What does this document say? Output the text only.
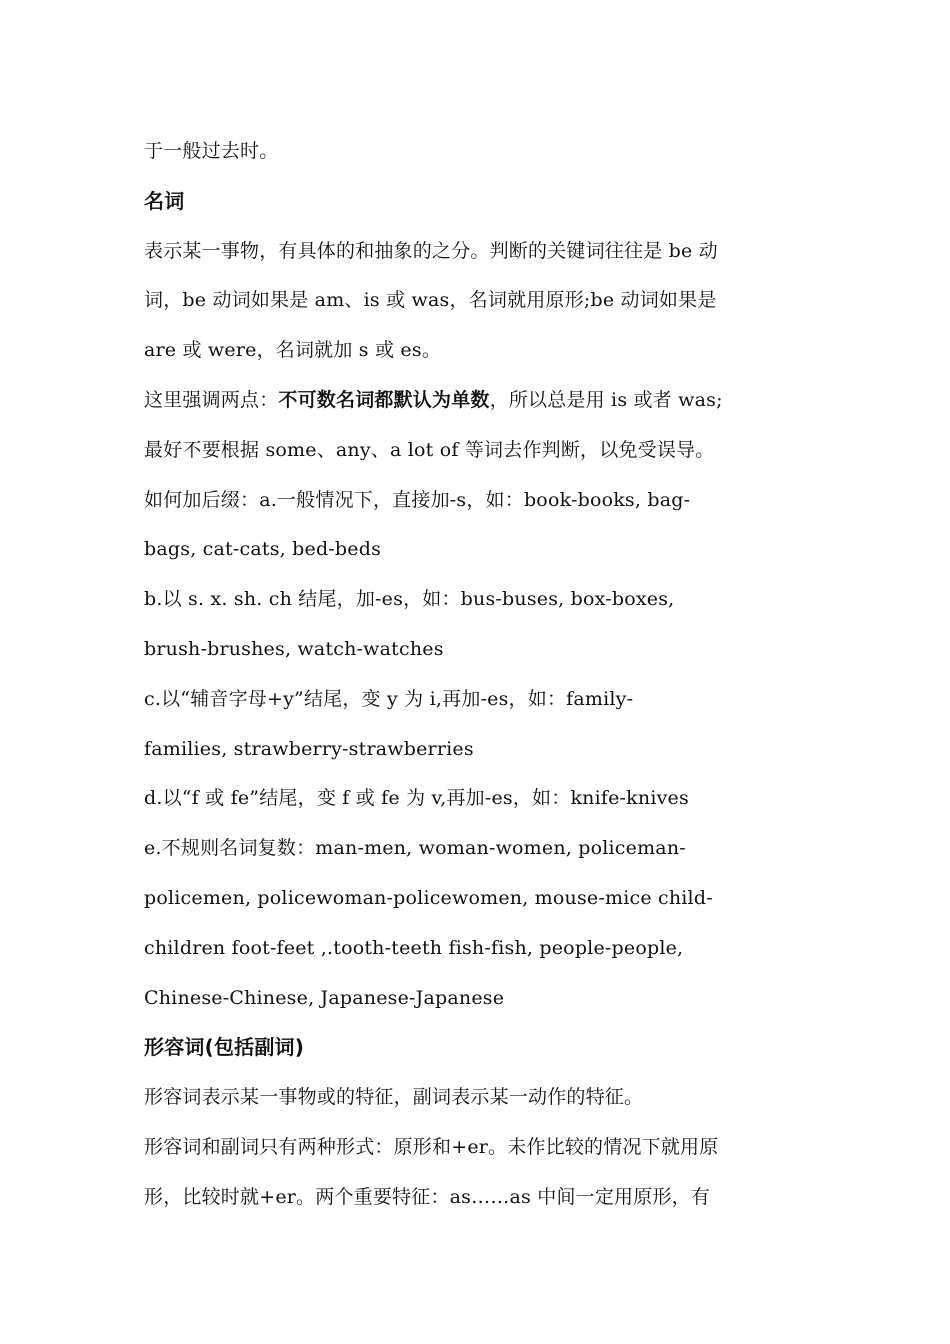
于一般过去时。
名词
表示某一事物，有具体的和抽象的之分。判断的关键词往往是 be 动
词，be 动词如果是 am、is 或 was，名词就用原形;be 动词如果是
are 或 were，名词就加 s 或 es。
这里强调两点：不可数名词都默认为单数，所以总是用 is 或者 was;
最好不要根据 some、any、a lot of 等词去作判断，以免受误导。
如何加后缀：a.一般情况下，直接加-s，如：book-books, bag-
bags, cat-cats, bed-beds
b.以 s. x. sh. ch 结尾，加-es，如：bus-buses, box-boxes,
brush-brushes, watch-watches
c.以“辅音字母+y”结尾，变 y 为 i,再加-es，如：family-
families, strawberry-strawberries
d.以“f 或 fe”结尾，变 f 或 fe 为 v,再加-es，如：knife-knives
e.不规则名词复数：man-men, woman-women, policeman-
policemen, policewoman-policewomen, mouse-mice child-
children foot-feet ,.tooth-teeth fish-fish, people-people,
Chinese-Chinese, Japanese-Japanese
形容词(包括副词)
形容词表示某一事物或的特征，副词表示某一动作的特征。
形容词和副词只有两种形式：原形和+er。未作比较的情况下就用原
形，比较时就+er。两个重要特征：as……as 中间一定用原形，有
